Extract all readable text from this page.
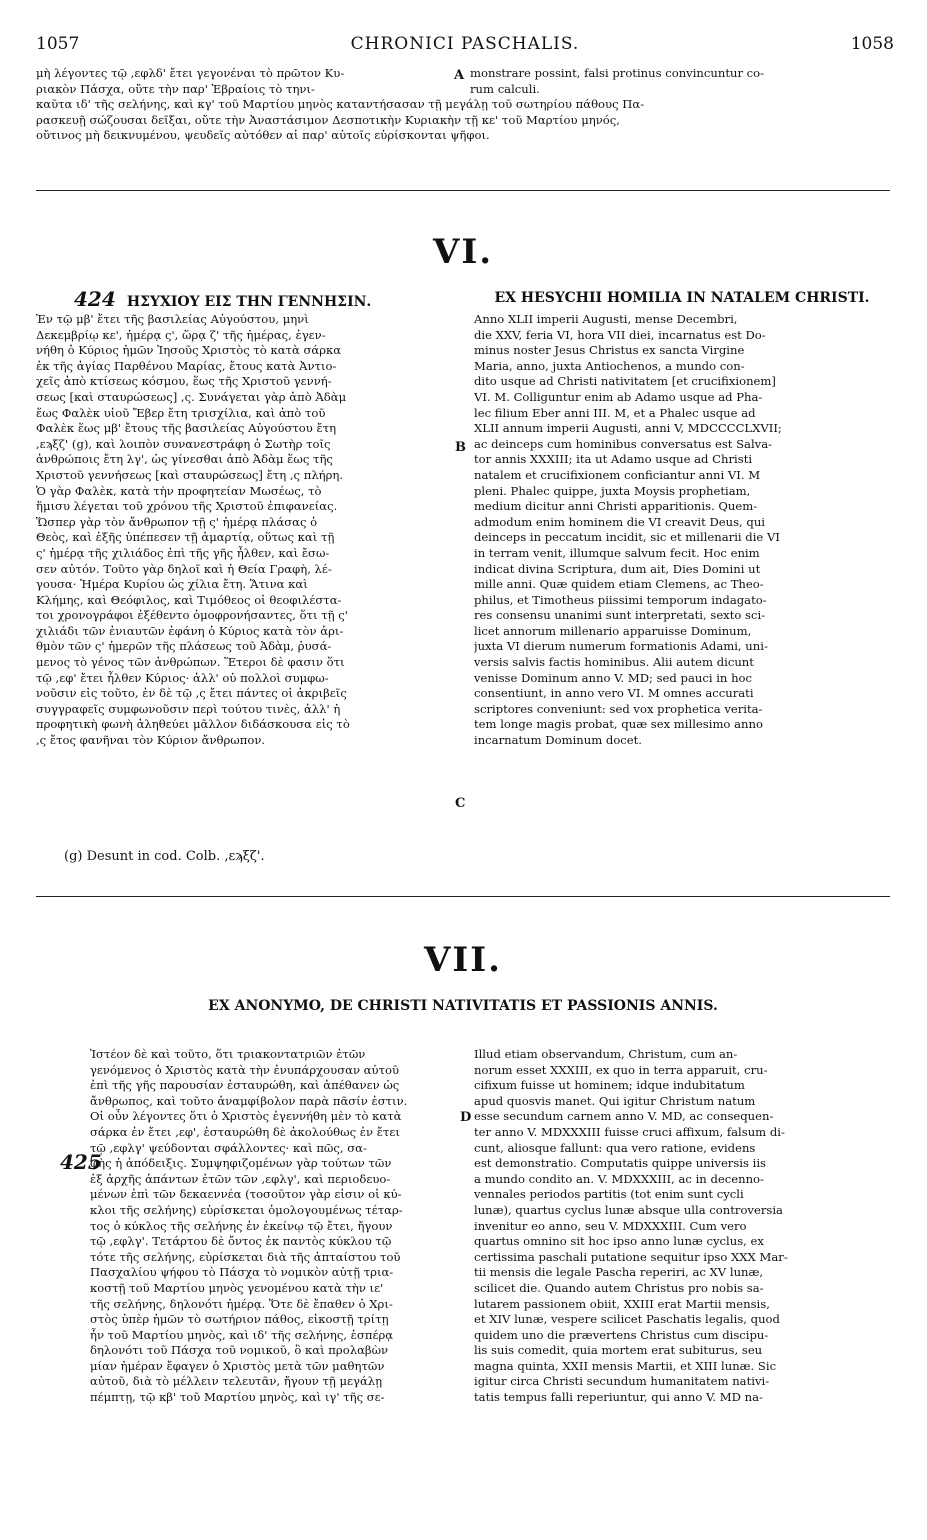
1057	CHRONICI PASCHALIS.	1058
μὴ λέγοντες τῷ ,εφλδ' ἔτει γεγονέναι τὸ πρῶτον Κυ-
ριακὸν Πάσχα, οὔτε τὴν παρ' Ἑβραίοις τὸ τηνι-
A monstrare possint, falsi protinus convincuntur co-
rum calculi.
καῦτα ιδ' τῆς σελήνης, καὶ κγ' τοῦ Μαρτίου μηνὸς καταντήσασαν τῇ μεγάλῃ τοῦ σωτηρίου πάθους Πα-
ρασκευῇ σώζουσαι δεῖξαι, οὔτε τὴν Ἀναστάσιμον Δεσποτικὴν Κυριακὴν τῇ κε' τοῦ Μαρτίου μηνός,
οὔτινος μὴ δεικνυμένου, ψευδεῖς αὐτόθεν αἱ παρ' αὐτοῖς εὑρίσκονται ψῆφοι.
VI.
424 ΗΣΥΧΙΟΥ ΕΙΣ ΤΗΝ ΓΕΝΝΗΣΙΝ.	EX HESYCHII HOMILIA IN NATALEM CHRISTI.
Ἐν τῷ μβ' ἔτει τῆς βασιλείας Αὐγούστου, μηνὶ
Δεκεμβρίῳ κε', ἡμέρᾳ ς', ὥρᾳ ζ' τῆς ἡμέρας, ἐγεν-
νήθη ὁ Κύριος ἡμῶν Ἰησοῦς Χριστὸς τὸ κατὰ σάρκα
ἐκ τῆς ἁγίας Παρθένου Μαρίας, ἔτους κατὰ Ἀντιο-
χεῖς ἀπὸ κτίσεως κόσμου, ἕως τῆς Χριστοῦ γεννή-
σεως [καὶ σταυρώσεως] ,ς. Συνάγεται γὰρ ἀπὸ Ἀδὰμ
ἕως Φαλὲκ υἱοῦ Ἔβερ ἔτη τρισχίλια, καὶ ἀπὸ τοῦ
Φαλὲκ ἕως μβ' ἔτους τῆς βασιλείας Αὐγούστου ἔτη
,εϡξζ' (g), καὶ λοιπὸν συνανεστράφη ὁ Σωτὴρ τοῖς
ἀνθρώποις ἔτη λγ', ὡς γίνεσθαι ἀπὸ Ἀδὰμ ἕως τῆς
Χριστοῦ γεννήσεως [καὶ σταυρώσεως] ἔτη ,ς πλήρη.
Ὁ γὰρ Φαλὲκ, κατὰ τὴν προφητείαν Μωσέως, τὸ
ἥμισυ λέγεται τοῦ χρόνου τῆς Χριστοῦ ἐπιφανείας.
Ὥσπερ γὰρ τὸν ἄνθρωπον τῇ ς' ἡμέρᾳ πλάσας ὁ
Θεὸς, καὶ ἐξῆς ὑπέπεσεν τῇ ἁμαρτίᾳ, οὕτως καὶ τῇ
ς' ἡμέρᾳ τῆς χιλιάδος ἐπὶ τῆς γῆς ἦλθεν, καὶ ἔσω-
σεν αὐτόν. Τοῦτο γὰρ δηλοῖ καὶ ἡ Θεία Γραφὴ, λέ-
γουσα· Ἡμέρα Κυρίου ὡς χίλια ἔτη. Ἅτινα καὶ
Κλήμης, καὶ Θεόφιλος, καὶ Τιμόθεος οἱ θεοφιλέστα-
τοι χρονογράφοι ἐξέθεντο ὁμοφρονήσαντες, ὅτι τῇ ς'
χιλιάδι τῶν ἐνιαυτῶν ἐφάνη ὁ Κύριος κατὰ τὸν ἀρι-
θμὸν τῶν ς' ἡμερῶν τῆς πλάσεως τοῦ Ἀδὰμ, ῥυσά-
μενος τὸ γένος τῶν ἀνθρώπων. Ἕτεροι δὲ φασιν ὅτι
τῷ ,εφ' ἔτει ἦλθεν Κύριος· ἀλλ' οὐ πολλοὶ συμφω-
νοῦσιν εἰς τοῦτο, ἐν δὲ τῷ ,ς ἔτει πάντες οἱ ἀκριβεῖς
συγγραφεῖς συμφωνοῦσιν περὶ τούτου τινὲς, ἀλλ' ἡ
προφητικὴ φωνὴ ἀληθεύει μᾶλλον διδάσκουσα εἰς τὸ
,ς ἔτος φανῆναι τὸν Κύριον ἄνθρωπον.
B
C
Anno XLII imperii Augusti, mense Decembri,
die XXV, feria VI, hora VII diei, incarnatus est Do-
minus noster Jesus Christus ex sancta Virgine
Maria, anno, juxta Antiochenos, a mundo con-
dito usque ad Christi nativitatem [et crucifixionem]
VI. M. Colliguntur enim ab Adamo usque ad Pha-
lec filium Eber anni III. M, et a Phalec usque ad
XLII annum imperii Augusti, anni V, MDCCCCLXVII;
ac deinceps cum hominibus conversatus est Salva-
tor annis XXXIII; ita ut Adamo usque ad Christi
natalem et crucifixionem conficiantur anni VI. M
pleni. Phalec quippe, juxta Moysis prophetiam,
medium dicitur anni Christi apparitionis. Quem-
admodum enim hominem die VI creavit Deus, qui
deinceps in peccatum incidit, sic et millenarii die VI
in terram venit, illumque salvum fecit. Hoc enim
indicat divina Scriptura, dum ait, Dies Domini ut
mille anni. Quæ quidem etiam Clemens, ac Theo-
philus, et Timotheus piissimi temporum indagato-
res consensu unanimi sunt interpretati, sexto sci-
licet annorum millenario apparuisse Dominum,
juxta VI dierum numerum formationis Adami, uni-
versis salvis factis hominibus. Alii autem dicunt
venisse Dominum anno V. MD; sed pauci in hoc
consentiunt, in anno vero VI. M omnes accurati
scriptores conveniunt: sed vox prophetica verita-
tem longe magis probat, quæ sex millesimo anno
incarnatum Dominum docet.
(g) Desunt in cod. Colb. ,εϡξζ'.
VII.
EX ANONYMO, DE CHRISTI NATIVITATIS ET PASSIONIS ANNIS.
425
Ἰστέον δὲ καὶ τοῦτο, ὅτι τριακοντατριῶν ἐτῶν
γενόμενος ὁ Χριστὸς κατὰ τὴν ἐνυπάρχουσαν αὐτοῦ
ἐπὶ τῆς γῆς παρουσίαν ἐσταυρώθη, καὶ ἀπέθανεν ὡς
ἄνθρωπος, καὶ τοῦτο ἀναμφίβολον παρὰ πᾶσίν ἐστιν.
Οἱ οὖν λέγοντες ὅτι ὁ Χριστὸς ἐγεννήθη μὲν τὸ κατὰ
σάρκα ἐν ἔτει ,εφ', ἐσταυρώθη δὲ ἀκολούθως ἐν ἔτει
τῷ ,εφλγ' ψεύδονται σφάλλοντες· καὶ πῶς, σα-
φὴς ἡ ἀπόδειξις. Συμψηφιζομένων γὰρ τούτων τῶν
ἐξ ἀρχῆς ἁπάντων ἐτῶν τῶν ,εφλγ', καὶ περιοδευο-
μένων ἐπὶ τῶν δεκαεννέα (τοσοῦτον γὰρ εἰσιν οἱ κύ-
κλοι τῆς σελήνης) εὑρίσκεται ὁμολογουμένως τέταρ-
τος ὁ κύκλος τῆς σελήνης ἐν ἐκείνῳ τῷ ἔτει, ἤγουν
τῷ ,εφλγ'. Τετάρτου δὲ ὄντος ἐκ παντὸς κύκλου τῷ
τότε τῆς σελήνης, εὑρίσκεται διὰ τῆς ἀπταίστου τοῦ
Πασχαλίου ψήφου τὸ Πάσχα τὸ νομικὸν αὐτῇ τρια-
κοστῇ τοῦ Μαρτίου μηνὸς γενομένου κατὰ τὴν ιε'
τῆς σελήνης, δηλονότι ἡμέρᾳ. Ὅτε δὲ ἔπαθεν ὁ Χρι-
στὸς ὑπὲρ ἡμῶν τὸ σωτήριον πάθος, εἰκοστῇ τρίτῃ
ἦν τοῦ Μαρτίου μηνὸς, καὶ ιδ' τῆς σελήνης, ἑσπέρᾳ
δηλονότι τοῦ Πάσχα τοῦ νομικοῦ, ὃ καὶ προλαβὼν
μίαν ἡμέραν ἔφαγεν ὁ Χριστὸς μετὰ τῶν μαθητῶν
αὐτοῦ, διὰ τὸ μέλλειν τελευτᾶν, ἤγουν τῇ μεγάλῃ
πέμπτῃ, τῷ κβ' τοῦ Μαρτίου μηνὸς, καὶ ιγ' τῆς σε-
D
Illud etiam observandum, Christum, cum an-
norum esset XXXIII, ex quo in terra apparuit, cru-
cifixum fuisse ut hominem; idque indubitatum
apud quosvis manet. Qui igitur Christum natum
esse secundum carnem anno V. MD, ac consequen-
ter anno V. MDXXXIII fuisse cruci affixum, falsum di-
cunt, aliosque fallunt: qua vero ratione, evidens
est demonstratio. Computatis quippe universis iis
a mundo condito an. V. MDXXXIII, ac in decenno-
vennales periodos partitis (tot enim sunt cycli
lunæ), quartus cyclus lunæ absque ulla controversia
invenitur eo anno, seu V. MDXXXIII. Cum vero
quartus omnino sit hoc ipso anno lunæ cyclus, ex
certissima paschali putatione sequitur ipso XXX Mar-
tii mensis die legale Pascha reperiri, ac XV lunæ,
scilicet die. Quando autem Christus pro nobis sa-
lutarem passionem obiit, XXIII erat Martii mensis,
et XIV lunæ, vespere scilicet Paschatis legalis, quod
quidem uno die prævertens Christus cum discipu-
lis suis comedit, quia mortem erat subiturus, seu
magna quinta, XXII mensis Martii, et XIII lunæ. Sic
igitur circa Christi secundum humanitatem nativi-
tatis tempus falli reperiuntur, qui anno V. MD na-
